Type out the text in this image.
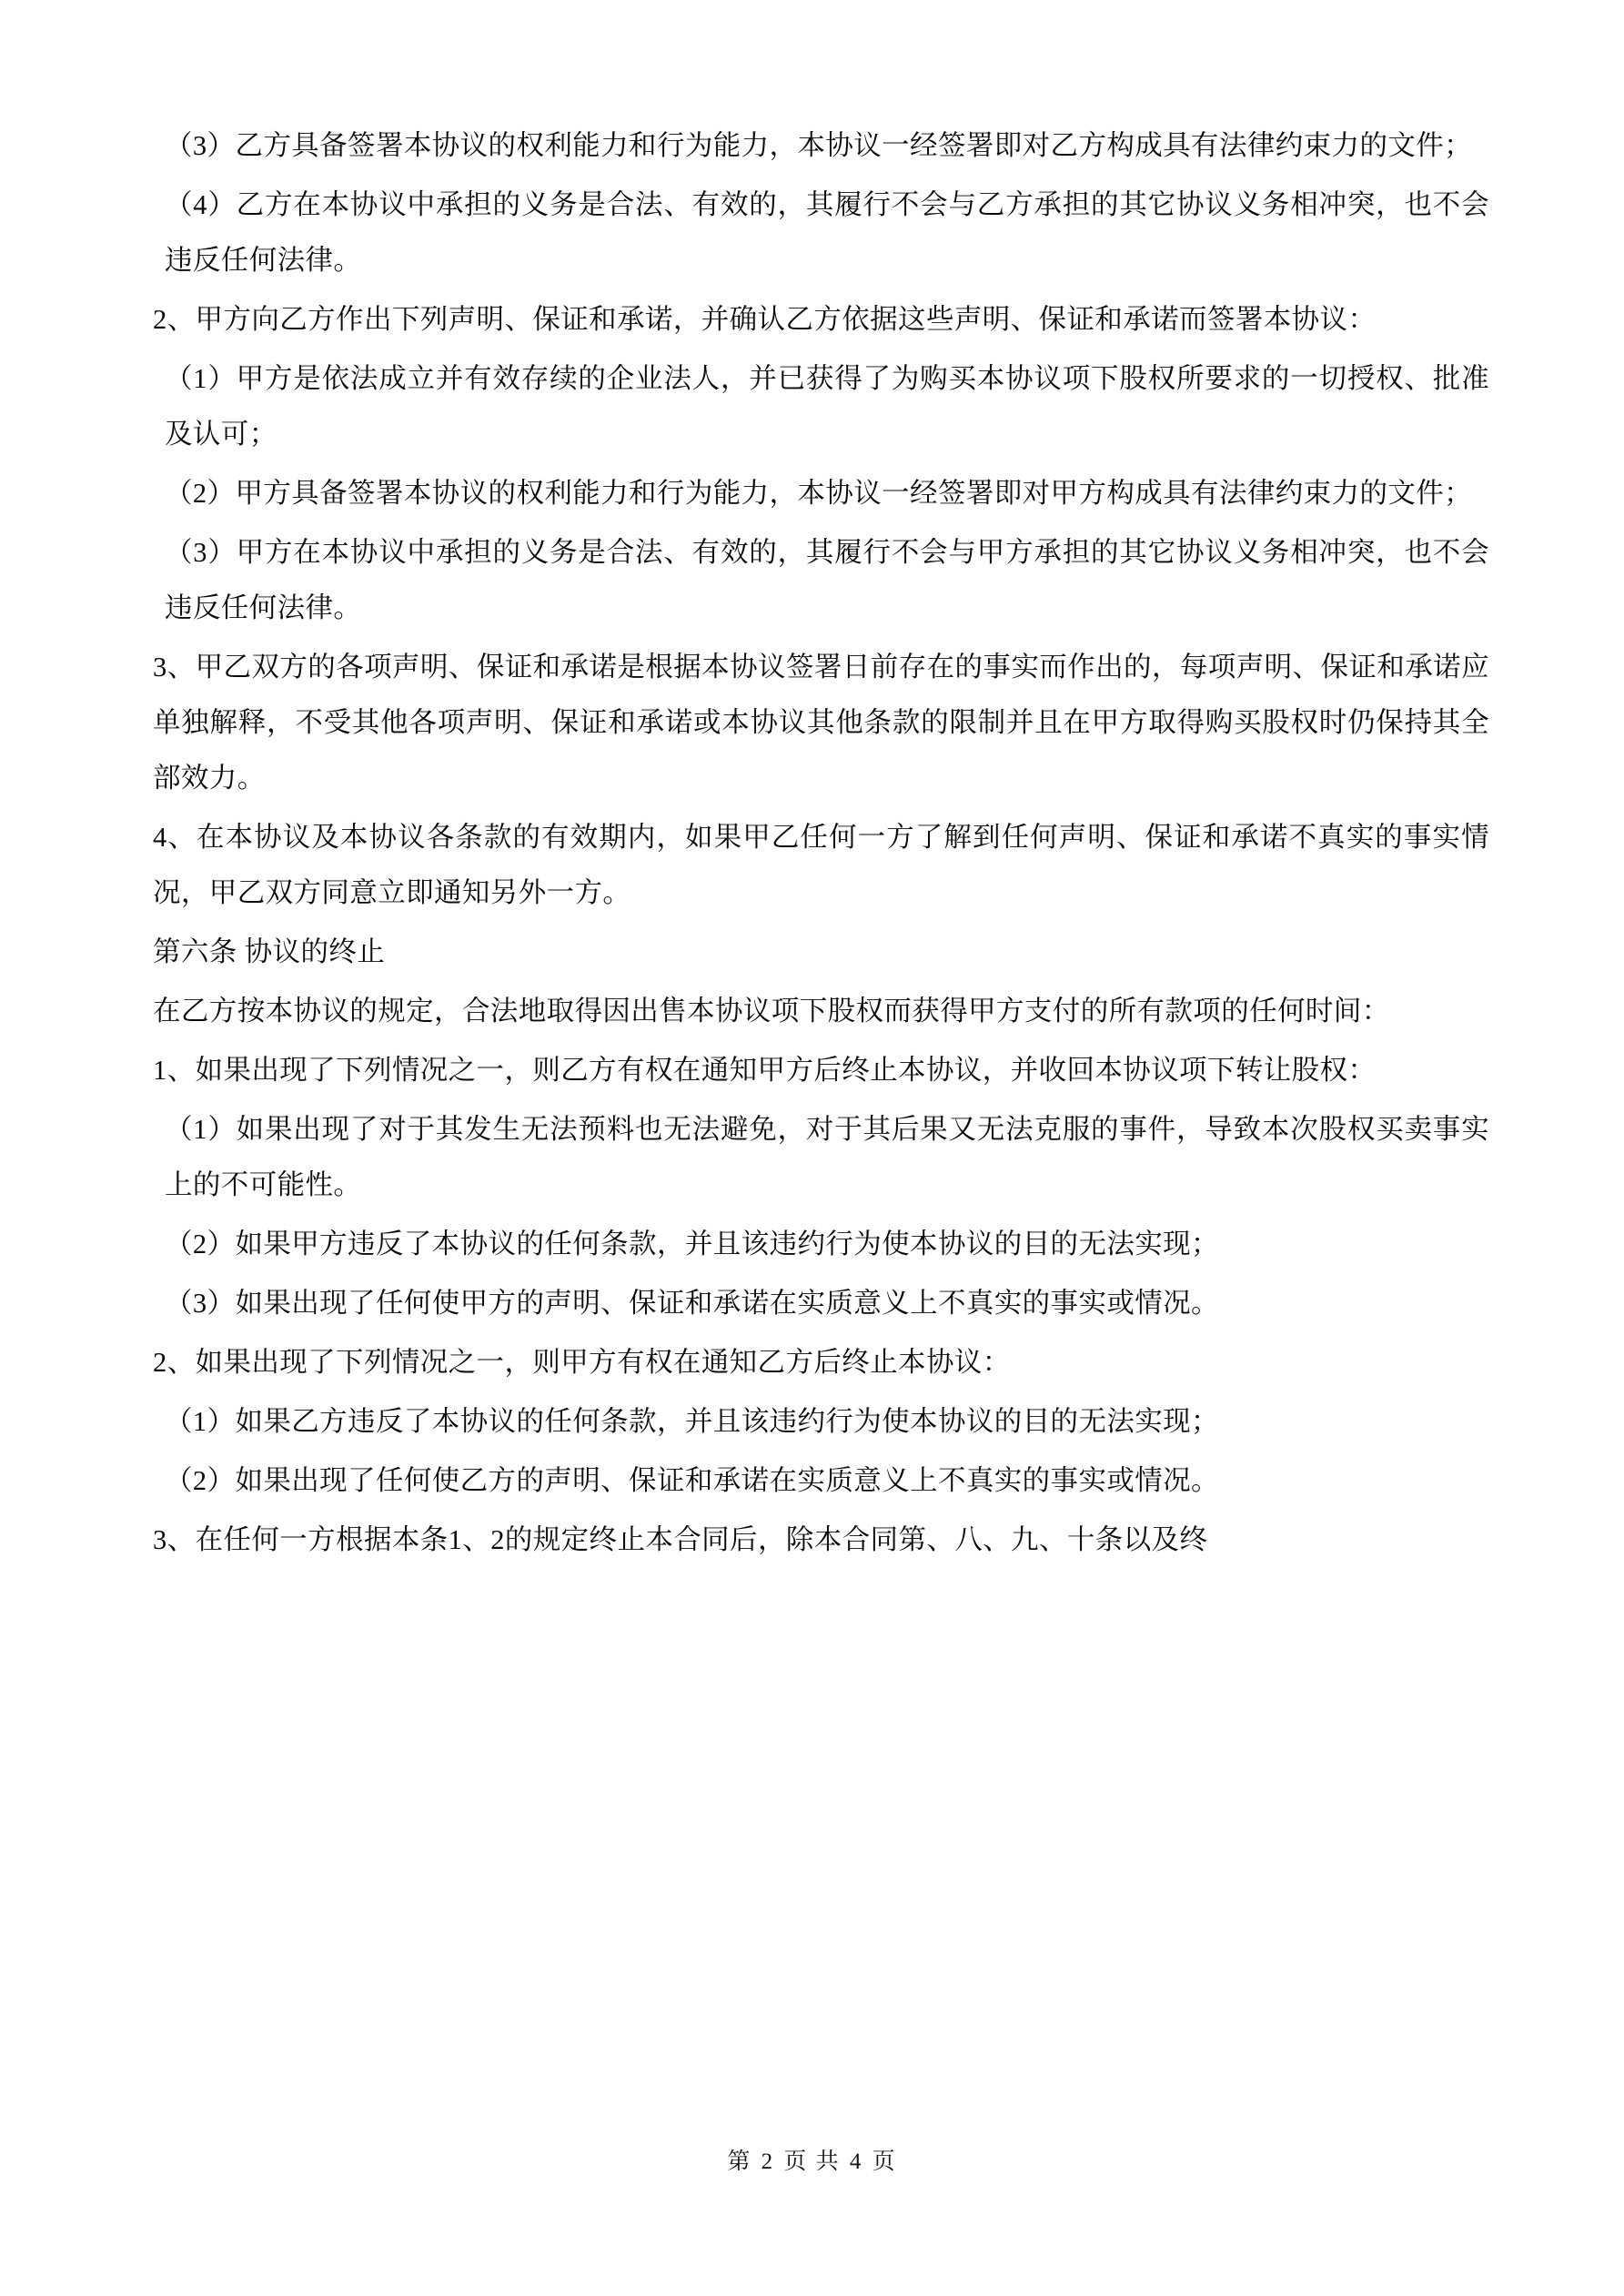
（3）乙方具备签署本协议的权利能力和行为能力，本协议一经签署即对乙方构成具有法律约束力的文件；

（4）乙方在本协议中承担的义务是合法、有效的，其履行不会与乙方承担的其它协议义务相冲突，也不会违反任何法律。

2、甲方向乙方作出下列声明、保证和承诺，并确认乙方依据这些声明、保证和承诺而签署本协议：

（1）甲方是依法成立并有效存续的企业法人，并已获得了为购买本协议项下股权所要求的一切授权、批准及认可；

（2）甲方具备签署本协议的权利能力和行为能力，本协议一经签署即对甲方构成具有法律约束力的文件；

（3）甲方在本协议中承担的义务是合法、有效的，其履行不会与甲方承担的其它协议义务相冲突，也不会违反任何法律。

3、甲乙双方的各项声明、保证和承诺是根据本协议签署日前存在的事实而作出的，每项声明、保证和承诺应单独解释，不受其他各项声明、保证和承诺或本协议其他条款的限制并且在甲方取得购买股权时仍保持其全部效力。

4、在本协议及本协议各条款的有效期内，如果甲乙任何一方了解到任何声明、保证和承诺不真实的事实情况，甲乙双方同意立即通知另外一方。

第六条 协议的终止

在乙方按本协议的规定，合法地取得因出售本协议项下股权而获得甲方支付的所有款项的任何时间：

1、如果出现了下列情况之一，则乙方有权在通知甲方后终止本协议，并收回本协议项下转让股权：

（1）如果出现了对于其发生无法预料也无法避免，对于其后果又无法克服的事件，导致本次股权买卖事实上的不可能性。

（2）如果甲方违反了本协议的任何条款，并且该违约行为使本协议的目的无法实现；

（3）如果出现了任何使甲方的声明、保证和承诺在实质意义上不真实的事实或情况。

2、如果出现了下列情况之一，则甲方有权在通知乙方后终止本协议：

（1）如果乙方违反了本协议的任何条款，并且该违约行为使本协议的目的无法实现；

（2）如果出现了任何使乙方的声明、保证和承诺在实质意义上不真实的事实或情况。

3、在任何一方根据本条1、2的规定终止本合同后，除本合同第、八、九、十条以及终

第 2 页 共 4 页
